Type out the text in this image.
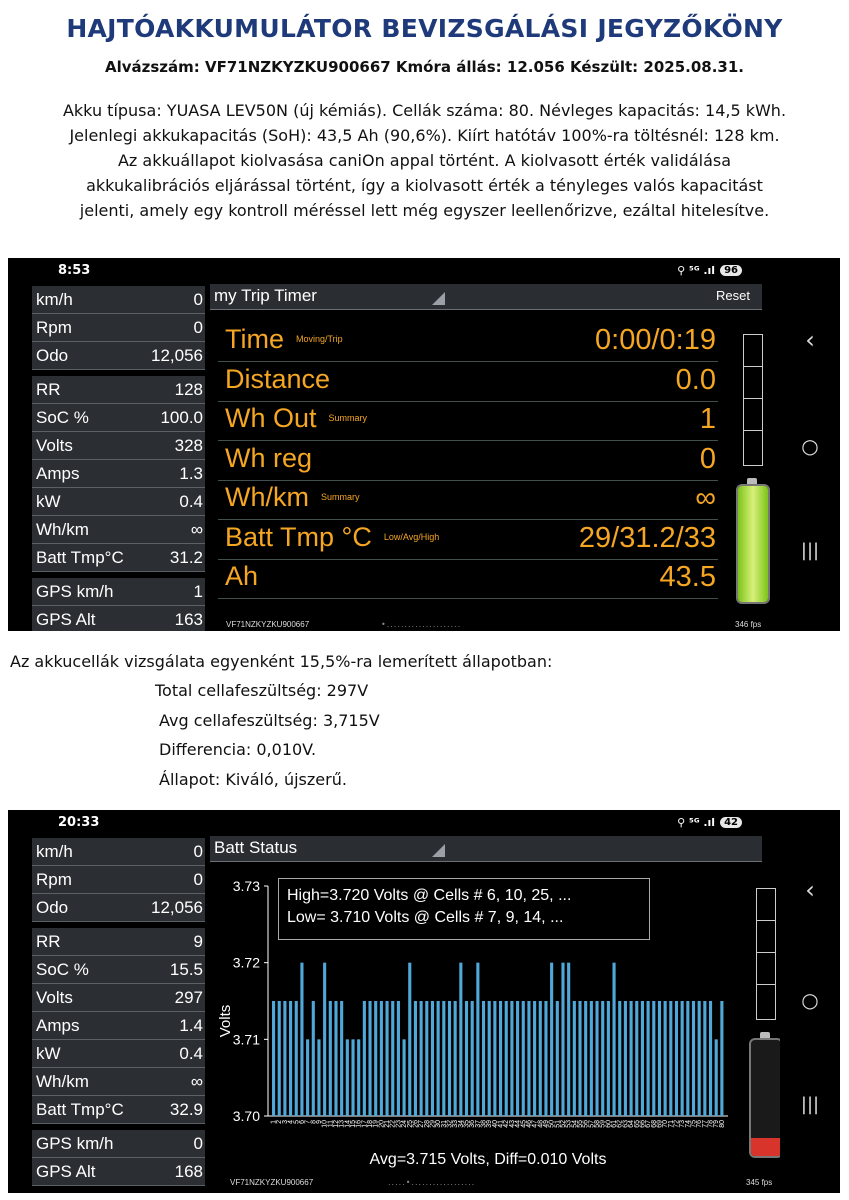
HAJTÓAKKUMULÁTOR BEVIZSGÁLÁSI JEGYZŐKÖNY
Alvázszám: VF71NZKYZKU900667 Kmóra állás: 12.056 Készült: 2025.08.31.

Akku típusa: YUASA LEV50N (új kémiás). Cellák száma: 80. Névleges kapacitás: 14,5 kWh.

Jelenlegi akkukapacitás (SoH): 43,5 Ah (90,6%). Kiírt hatótáv 100%-ra töltésnél: 128 km.

Az akkuállapot kiolvasása caniOn appal történt. A kiolvasott érték validálása

akkukalibrációs eljárással történt, így a kiolvasott érték a tényleges valós kapacitást

jelenti, amely egy kontroll méréssel lett még egyszer leellenőrizve, ezáltal hitelesítve.

8:53	⚲ ⁵ᴳ .ıl 96
km/h	0
Rpm	0
Odo	12,056
RR	128
SoC %	100.0
Volts	328
Amps	1.3
kW	0.4
Wh/km	∞
Batt Tmp°C	31.2
GPS km/h	1
GPS Alt	163
my Trip Timer	Reset
VF71NZKYZKU900667	•.....................	346 fps
Time $^{Moving/Trip}$	0:00/0:19
Distance	0.0
Wh Out $^{Summary}$	1
Wh reg	0
Wh/km $^{Summary}$	∞
Batt Tmp °C $^{Low/Avg/High}$	29/31.2/33
Ah	43.5
‹
○
|||
Az akkucellák vizsgálata egyenként 15,5%-ra lemerített állapotban:
Total cellafeszültség: 297V
Avg cellafeszültség: 3,715V
Differencia: 0,010V.
Állapot: Kiváló, újszerű.
20:33	⚲ ⁵ᴳ .ıl 42
km/h	0
Rpm	0
Odo	12,056
RR	9
SoC %	15.5
Volts	297
Amps	1.4
kW	0.4
Wh/km	∞
Batt Tmp°C	32.9
GPS km/h	0
GPS Alt	168
Batt Status
3.73
3.72
3.71
3.70
Volts
1
2
3
4
5
6
7
8
9
10
11
12
13
14
15
16
17
18
19
20
21
22
23
24
25
26
27
28
29
30
31
32
33
34
35
36
37
38
39
40
41
42
43
44
45
46
47
48
49
50
51
52
53
54
55
56
57
58
59
60
61
62
63
64
65
66
67
68
69
70
71
72
73
74
75
76
77
78
79
80
Avg=3.715 Volts, Diff=0.010 Volts
High=3.720 Volts @ Cells # 6, 10, 25, ...
Low= 3.710 Volts @ Cells # 7, 9, 14, ...
VF71NZKYZKU900667	.....•..................	345 fps
‹
○
|||
